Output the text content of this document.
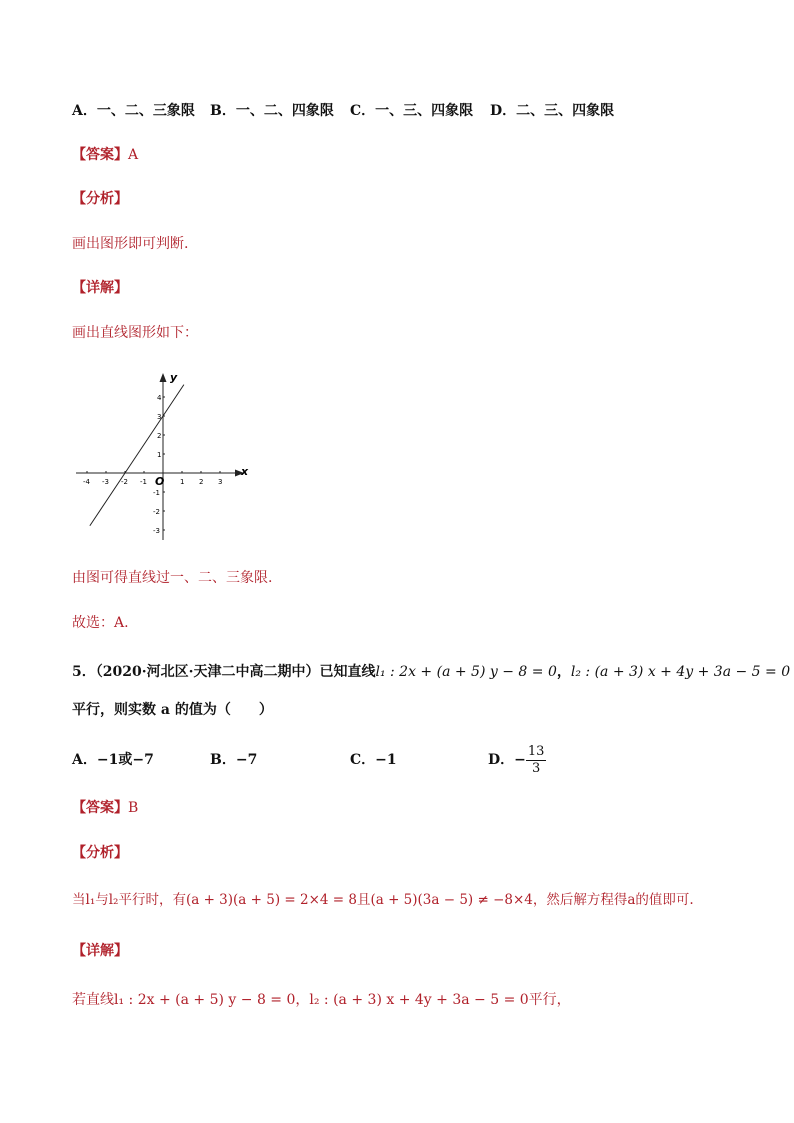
A．一、二、三象限 B．一、二、四象限 C．一、三、四象限 D．二、三、四象限
【答案】A
【分析】
画出图形即可判断.
【详解】
画出直线图形如下：
-4 -3 -2 -1	1 2 3
4
3
2
1
-1
-2
-3
x
y
O
由图可得直线过一、二、三象限.
故选：A.
5．（2020·河北区·天津二中高二期中）已知直线l₁ : 2x + (a + 5) y − 8 = 0，l₂ : (a + 3) x + 4y + 3a − 5 = 0
平行，则实数 a 的值为（　　）
A．−1或−7	B．−7	C．−1	D．− $\frac{13}{3}$
【答案】B
【分析】
当l₁与l₂平行时，有(a + 3)(a + 5) = 2×4 = 8且(a + 5)(3a − 5) ≠ −8×4，然后解方程得a的值即可.
【详解】
若直线l₁ : 2x + (a + 5) y − 8 = 0，l₂ : (a + 3) x + 4y + 3a − 5 = 0平行，
